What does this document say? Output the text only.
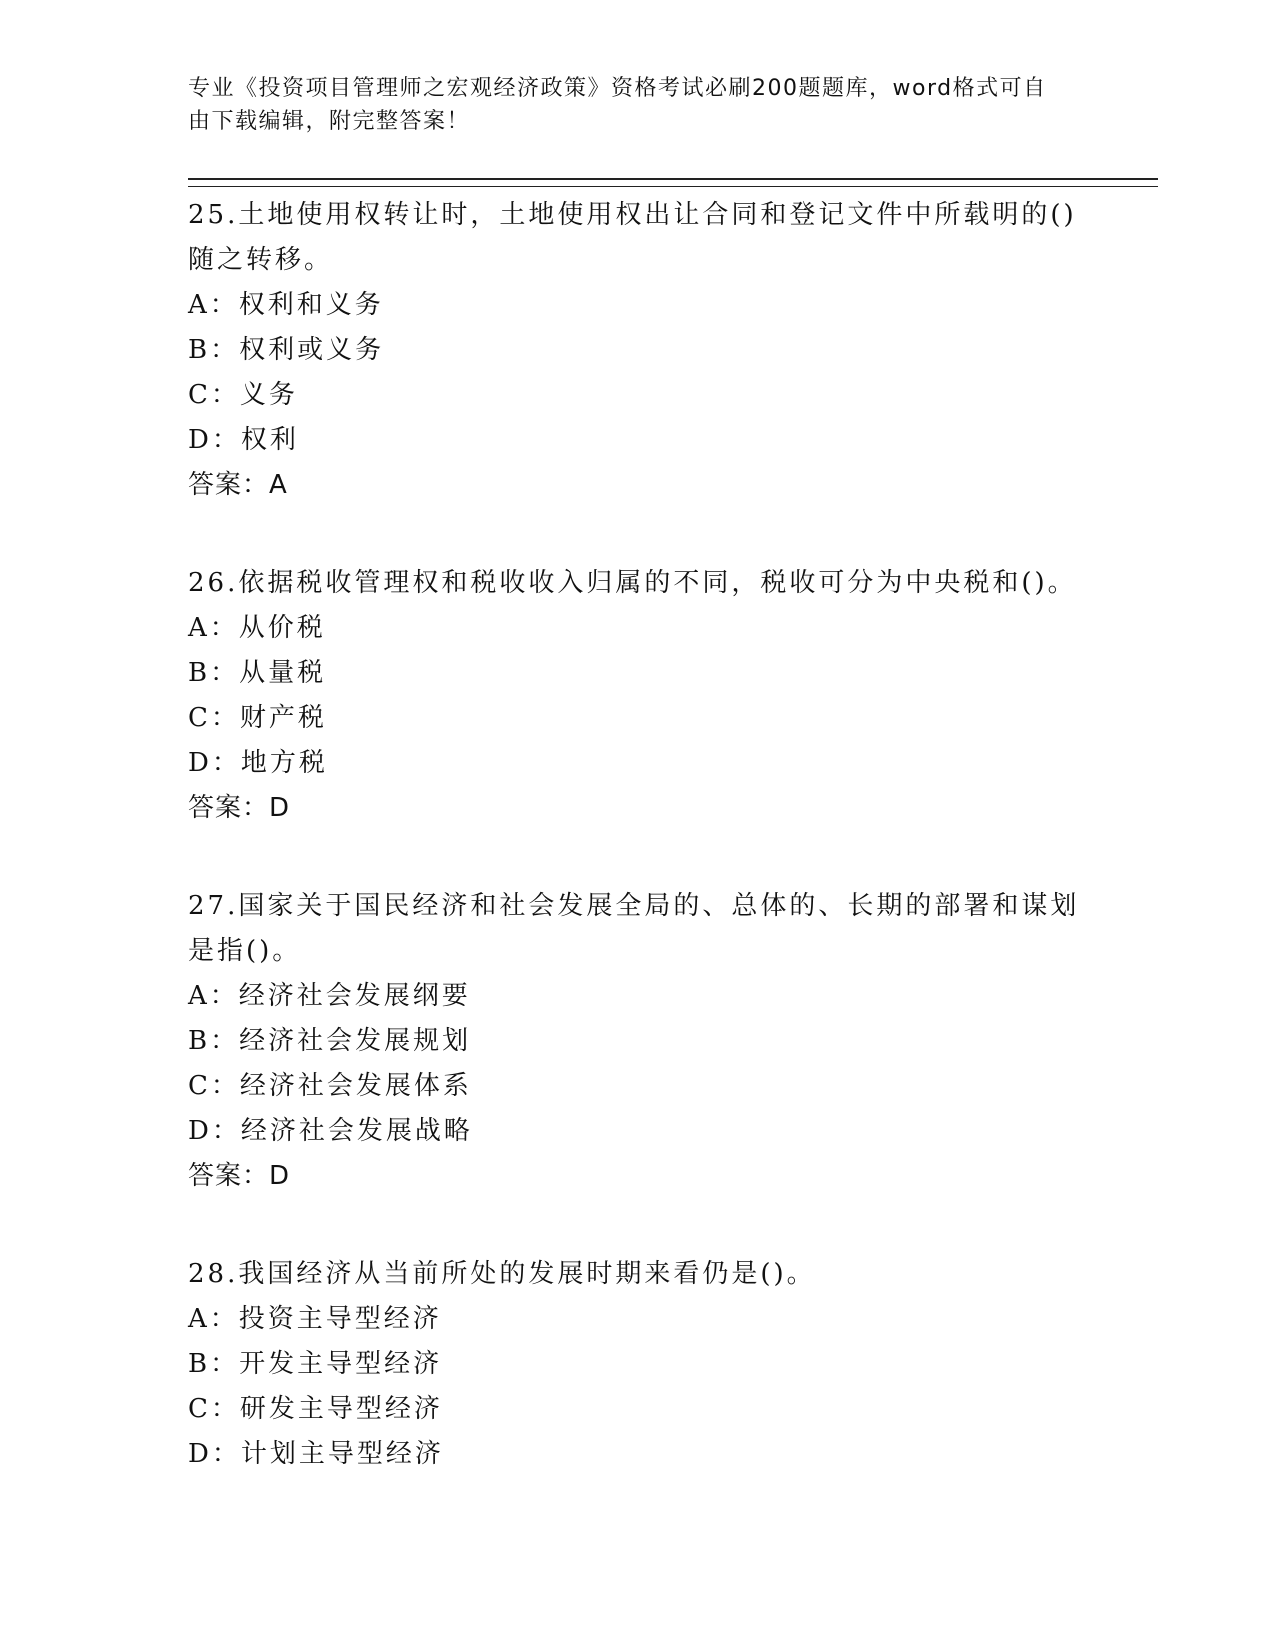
专业《投资项目管理师之宏观经济政策》资格考试必刷200题题库，word格式可自由下载编辑，附完整答案！

25.土地使用权转让时，土地使用权出让合同和登记文件中所载明的()随之转移。

A：权利和义务

B：权利或义务

C：义务

D：权利

答案：A

26.依据税收管理权和税收收入归属的不同，税收可分为中央税和()。

A：从价税

B：从量税

C：财产税

D：地方税

答案：D

27.国家关于国民经济和社会发展全局的、总体的、长期的部署和谋划是指()。

A：经济社会发展纲要

B：经济社会发展规划

C：经济社会发展体系

D：经济社会发展战略

答案：D

28.我国经济从当前所处的发展时期来看仍是()。

A：投资主导型经济

B：开发主导型经济

C：研发主导型经济

D：计划主导型经济
